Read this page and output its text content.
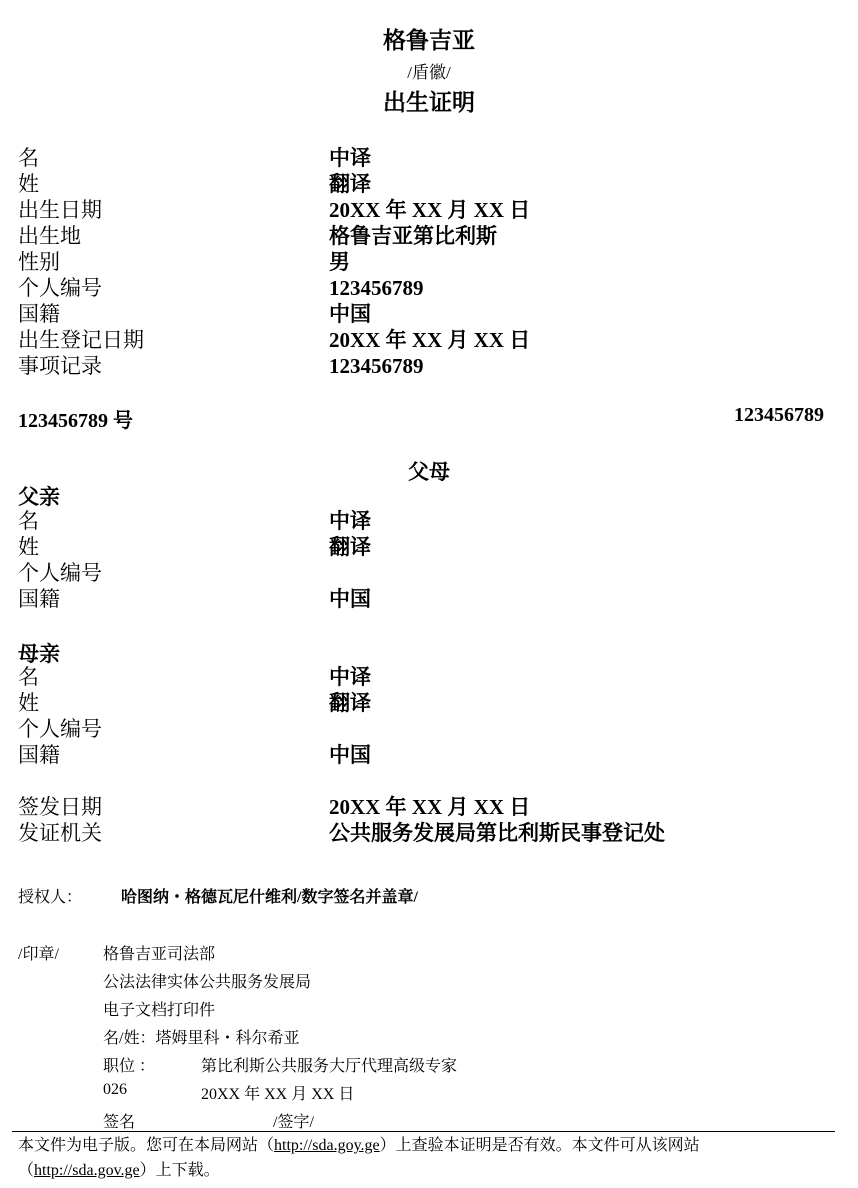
格鲁吉亚
/盾徽/
出生证明
名	中译
姓	翻译
出生日期	20XX 年 XX 月 XX 日
出生地	格鲁吉亚第比利斯
性别	男
个人编号	123456789
国籍	中国
出生登记日期	20XX 年 XX 月 XX 日
事项记录	123456789
123456789 号	123456789
父母
父亲
名	中译
姓	翻译
个人编号
国籍	中国
母亲
名	中译
姓	翻译
个人编号
国籍	中国
签发日期	20XX 年 XX 月 XX 日
发证机关	公共服务发展局第比利斯民事登记处
授权人： 哈图纳・格德瓦尼什维利/数字签名并盖章/
/印章/	格鲁吉亚司法部
公法法律实体公共服务发展局
电子文档打印件
名/姓：塔姆里科・科尔希亚
职位 ：	第比利斯公共服务大厅代理高级专家
026	20XX 年 XX 月 XX 日
签名	/签字/
本文件为电子版。您可在本局网站（http://sda.goy.ge）上查验本证明是否有效。本文件可从该网站（http://sda.gov.ge）上下载。
